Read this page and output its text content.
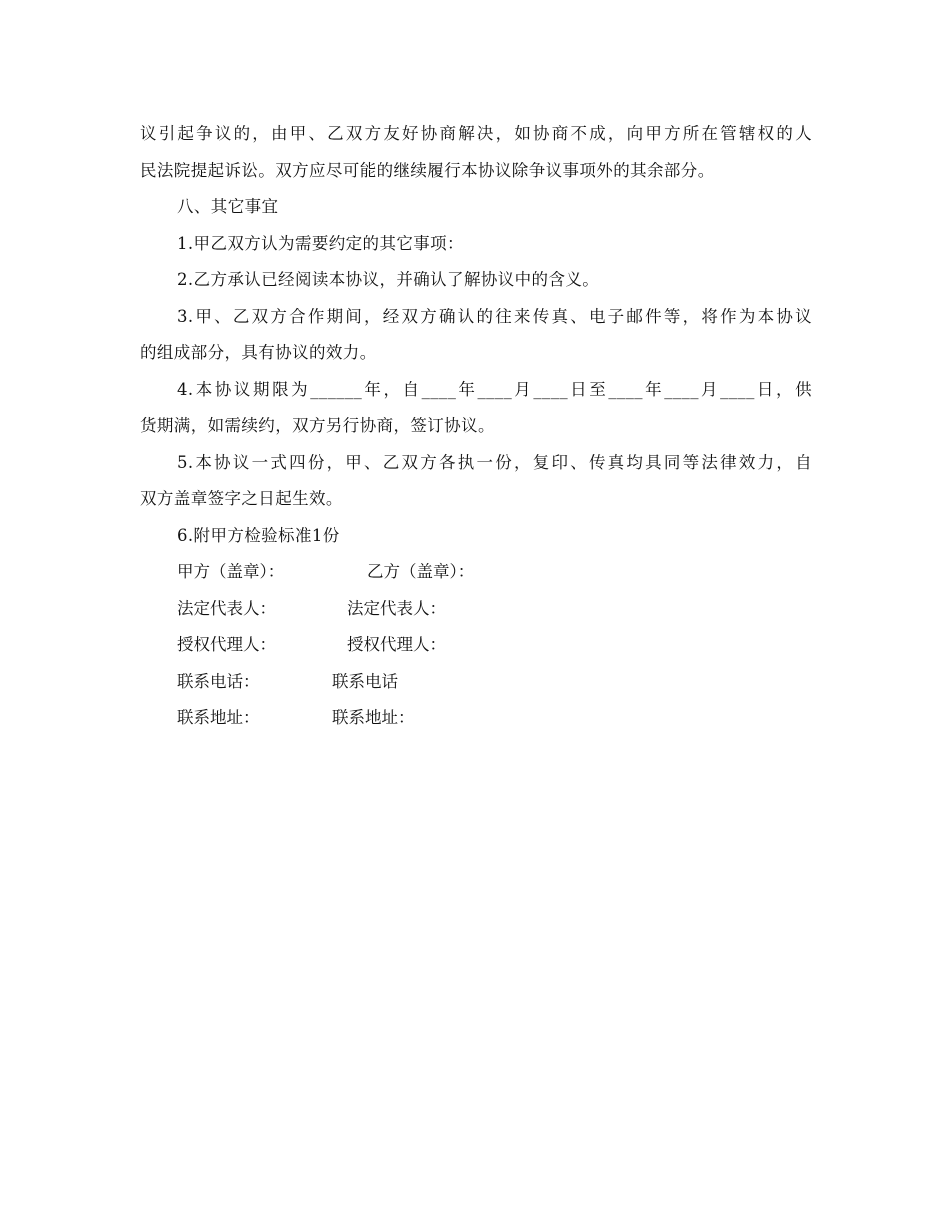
议引起争议的，由甲、乙双方友好协商解决，如协商不成，向甲方所在管辖权的人
民法院提起诉讼。双方应尽可能的继续履行本协议除争议事项外的其余部分。
八、其它事宜
1.甲乙双方认为需要约定的其它事项：
2.乙方承认已经阅读本协议，并确认了解协议中的含义。
3.甲、乙双方合作期间，经双方确认的往来传真、电子邮件等，将作为本协议
的组成部分，具有协议的效力。
4.本协议期限为______年，自____年____月____日至____年____月____日，供
货期满，如需续约，双方另行协商，签订协议。
5.本协议一式四份，甲、乙双方各执一份，复印、传真均具同等法律效力，自
双方盖章签字之日起生效。
6.附甲方检验标准1份
甲方（盖章）：	乙方（盖章）：
法定代表人：	法定代表人：
授权代理人：	授权代理人：
联系电话：	联系电话
联系地址：	联系地址：
